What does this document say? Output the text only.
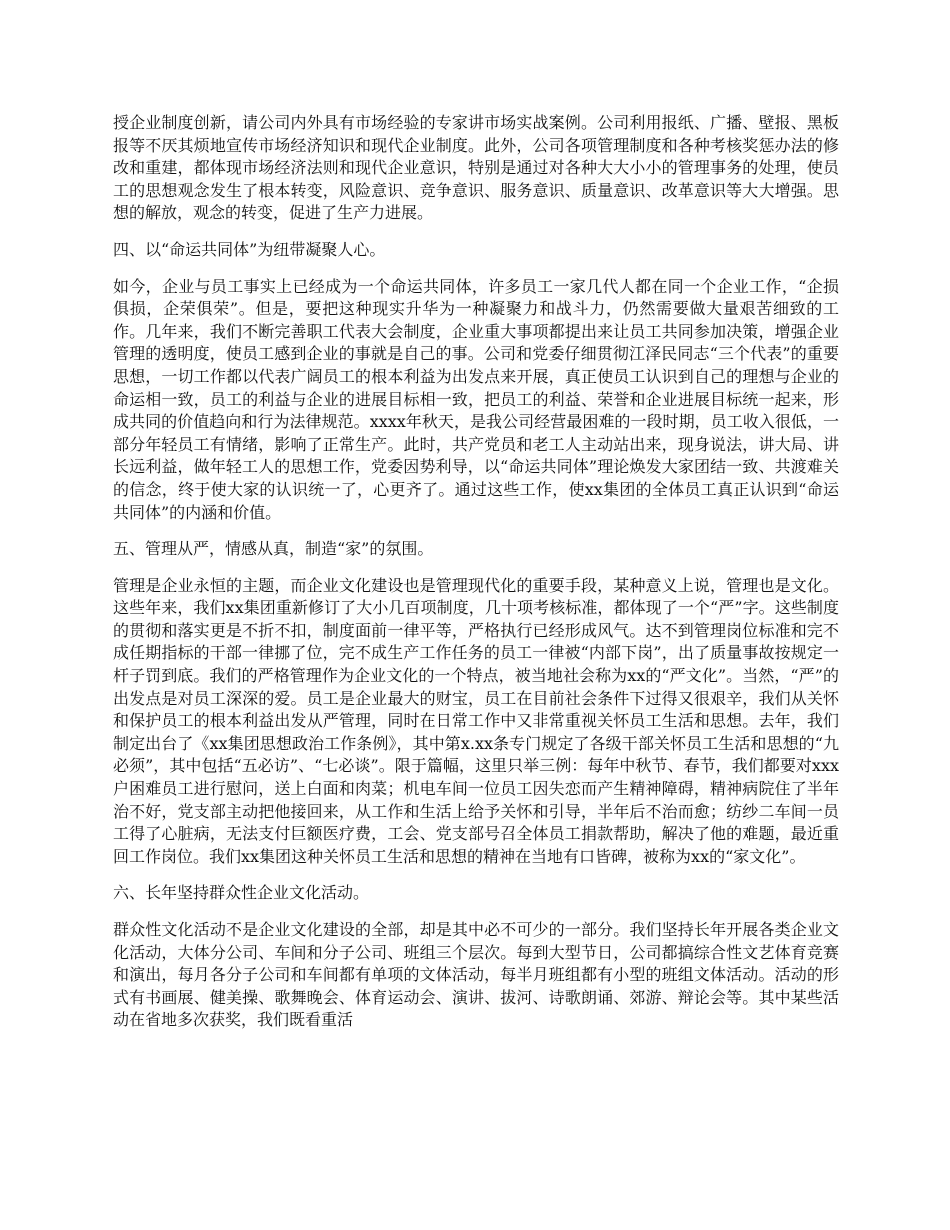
授企业制度创新，请公司内外具有市场经验的专家讲市场实战案例。公司利用报纸、广播、壁报、黑板报等不厌其烦地宣传市场经济知识和现代企业制度。此外，公司各项管理制度和各种考核奖惩办法的修改和重建，都体现市场经济法则和现代企业意识，特别是通过对各种大大小小的管理事务的处理，使员工的思想观念发生了根本转变，风险意识、竞争意识、服务意识、质量意识、改革意识等大大增强。思想的解放，观念的转变，促进了生产力进展。

四、以“命运共同体”为纽带凝聚人心。

如今，企业与员工事实上已经成为一个命运共同体，许多员工一家几代人都在同一个企业工作，“企损俱损，企荣俱荣”。但是，要把这种现实升华为一种凝聚力和战斗力，仍然需要做大量艰苦细致的工作。几年来，我们不断完善职工代表大会制度，企业重大事项都提出来让员工共同参加决策，增强企业管理的透明度，使员工感到企业的事就是自己的事。公司和党委仔细贯彻江泽民同志“三个代表”的重要思想，一切工作都以代表广阔员工的根本利益为出发点来开展，真正使员工认识到自己的理想与企业的命运相一致，员工的利益与企业的进展目标相一致，把员工的利益、荣誉和企业进展目标统一起来，形成共同的价值趋向和行为法律规范。xxxx年秋天，是我公司经营最困难的一段时期，员工收入很低，一部分年轻员工有情绪，影响了正常生产。此时，共产党员和老工人主动站出来，现身说法，讲大局、讲长远利益，做年轻工人的思想工作，党委因势利导，以“命运共同体”理论焕发大家团结一致、共渡难关的信念，终于使大家的认识统一了，心更齐了。通过这些工作，使xx集团的全体员工真正认识到“命运共同体”的内涵和价值。

五、管理从严，情感从真，制造“家”的氛围。

管理是企业永恒的主题，而企业文化建设也是管理现代化的重要手段，某种意义上说，管理也是文化。这些年来，我们xx集团重新修订了大小几百项制度，几十项考核标准，都体现了一个“严”字。这些制度的贯彻和落实更是不折不扣，制度面前一律平等，严格执行已经形成风气。达不到管理岗位标准和完不成任期指标的干部一律挪了位，完不成生产工作任务的员工一律被“内部下岗”，出了质量事故按规定一杆子罚到底。我们的严格管理作为企业文化的一个特点，被当地社会称为xx的“严文化”。当然，“严”的出发点是对员工深深的爱。员工是企业最大的财宝，员工在目前社会条件下过得又很艰辛，我们从关怀和保护员工的根本利益出发从严管理，同时在日常工作中又非常重视关怀员工生活和思想。去年，我们制定出台了《xx集团思想政治工作条例》，其中第x.xx条专门规定了各级干部关怀员工生活和思想的“九必须”，其中包括“五必访”、“七必谈”。限于篇幅，这里只举三例：每年中秋节、春节，我们都要对xxx户困难员工进行慰问，送上白面和肉菜；机电车间一位员工因失恋而产生精神障碍，精神病院住了半年治不好，党支部主动把他接回来，从工作和生活上给予关怀和引导，半年后不治而愈；纺纱二车间一员工得了心脏病，无法支付巨额医疗费，工会、党支部号召全体员工捐款帮助，解决了他的难题，最近重回工作岗位。我们xx集团这种关怀员工生活和思想的精神在当地有口皆碑，被称为xx的“家文化”。

六、长年坚持群众性企业文化活动。

群众性文化活动不是企业文化建设的全部，却是其中必不可少的一部分。我们坚持长年开展各类企业文化活动，大体分公司、车间和分子公司、班组三个层次。每到大型节日，公司都搞综合性文艺体育竞赛和演出，每月各分子公司和车间都有单项的文体活动，每半月班组都有小型的班组文体活动。活动的形式有书画展、健美操、歌舞晚会、体育运动会、演讲、拔河、诗歌朗诵、郊游、辩论会等。其中某些活动在省地多次获奖，我们既看重活
